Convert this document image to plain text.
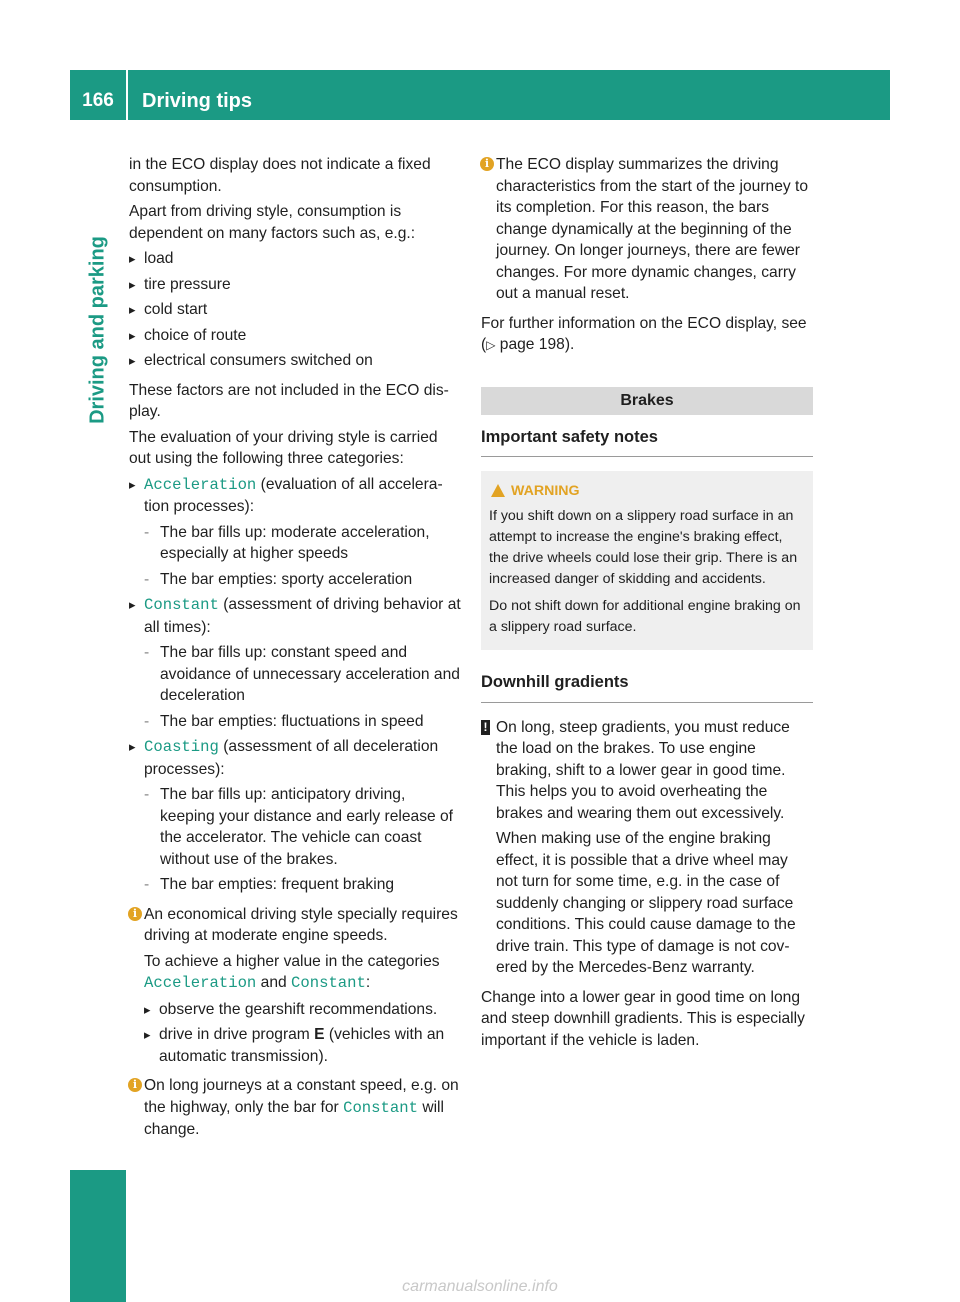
166	Driving tips
Driving and parking

in the ECO display does not indicate a fixed consumption.

Apart from driving style, consumption is dependent on many factors such as, e.g.:

▸ load
▸ tire pressure
▸ cold start
▸ choice of route
▸ electrical consumers switched on

These factors are not included in the ECO display.

The evaluation of your driving style is carried out using the following three categories:

▸ Acceleration (evaluation of all acceleration processes):
- The bar fills up: moderate acceleration, especially at higher speeds
- The bar empties: sporty acceleration
▸ Constant (assessment of driving behavior at all times):
- The bar fills up: constant speed and avoidance of unnecessary acceleration and deceleration
- The bar empties: fluctuations in speed
▸ Coasting (assessment of all deceleration processes):
- The bar fills up: anticipatory driving, keeping your distance and early release of the accelerator. The vehicle can coast without use of the brakes.
- The bar empties: frequent braking
i An economical driving style specially requires driving at moderate engine speeds.

To achieve a higher value in the categories Acceleration and Constant:

▸ observe the gearshift recommendations.
▸ drive in drive program E (vehicles with an automatic transmission).
i On long journeys at a constant speed, e.g. on the highway, only the bar for Constant will change.

i The ECO display summarizes the driving characteristics from the start of the journey to its completion. For this reason, the bars change dynamically at the beginning of the journey. On longer journeys, there are fewer changes. For more dynamic changes, carry out a manual reset.

For further information on the ECO display, see (▷ page 198).

Brakes
Important safety notes
WARNING

If you shift down on a slippery road surface in an attempt to increase the engine's braking effect, the drive wheels could lose their grip. There is an increased danger of skidding and accidents.

Do not shift down for additional engine braking on a slippery road surface.

Downhill gradients
! On long, steep gradients, you must reduce the load on the brakes. To use engine braking, shift to a lower gear in good time. This helps you to avoid overheating the brakes and wearing them out excessively.

When making use of the engine braking effect, it is possible that a drive wheel may not turn for some time, e.g. in the case of suddenly changing or slippery road surface conditions. This could cause damage to the drive train. This type of damage is not covered by the Mercedes-Benz warranty.

Change into a lower gear in good time on long and steep downhill gradients. This is especially important if the vehicle is laden.

carmanualsonline.info
